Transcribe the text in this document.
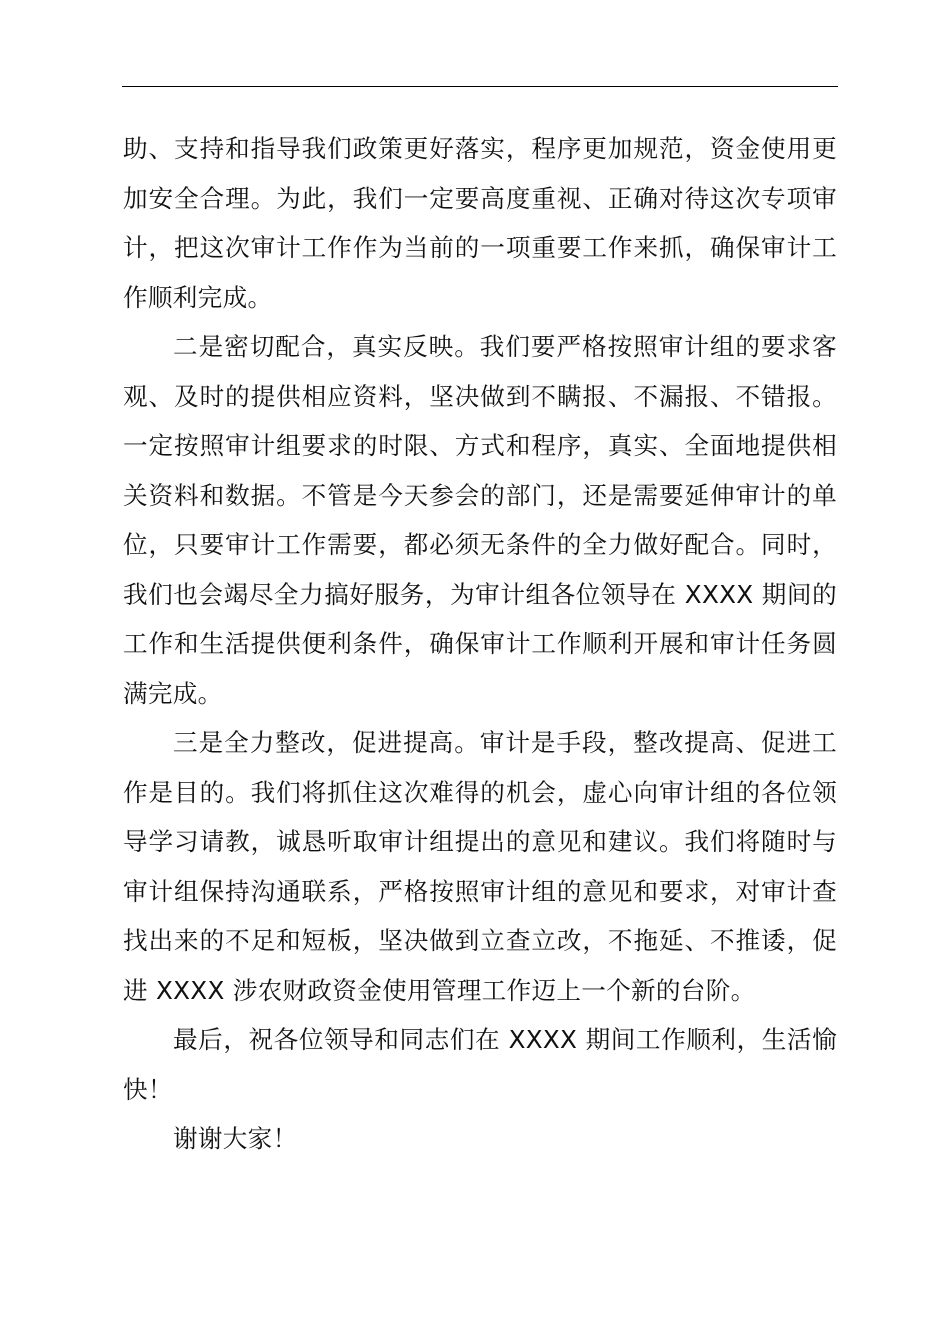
助、支持和指导我们政策更好落实，程序更加规范，资金使用更加安全合理。为此，我们一定要高度重视、正确对待这次专项审计，把这次审计工作作为当前的一项重要工作来抓，确保审计工作顺利完成。

二是密切配合，真实反映。我们要严格按照审计组的要求客观、及时的提供相应资料，坚决做到不瞒报、不漏报、不错报。一定按照审计组要求的时限、方式和程序，真实、全面地提供相关资料和数据。不管是今天参会的部门，还是需要延伸审计的单位，只要审计工作需要，都必须无条件的全力做好配合。同时，我们也会竭尽全力搞好服务，为审计组各位领导在 XXXX 期间的工作和生活提供便利条件，确保审计工作顺利开展和审计任务圆满完成。

三是全力整改，促进提高。审计是手段，整改提高、促进工作是目的。我们将抓住这次难得的机会，虚心向审计组的各位领导学习请教，诚恳听取审计组提出的意见和建议。我们将随时与审计组保持沟通联系，严格按照审计组的意见和要求，对审计查找出来的不足和短板，坚决做到立查立改，不拖延、不推诿，促进 XXXX 涉农财政资金使用管理工作迈上一个新的台阶。

最后，祝各位领导和同志们在 XXXX 期间工作顺利，生活愉快！

谢谢大家！
